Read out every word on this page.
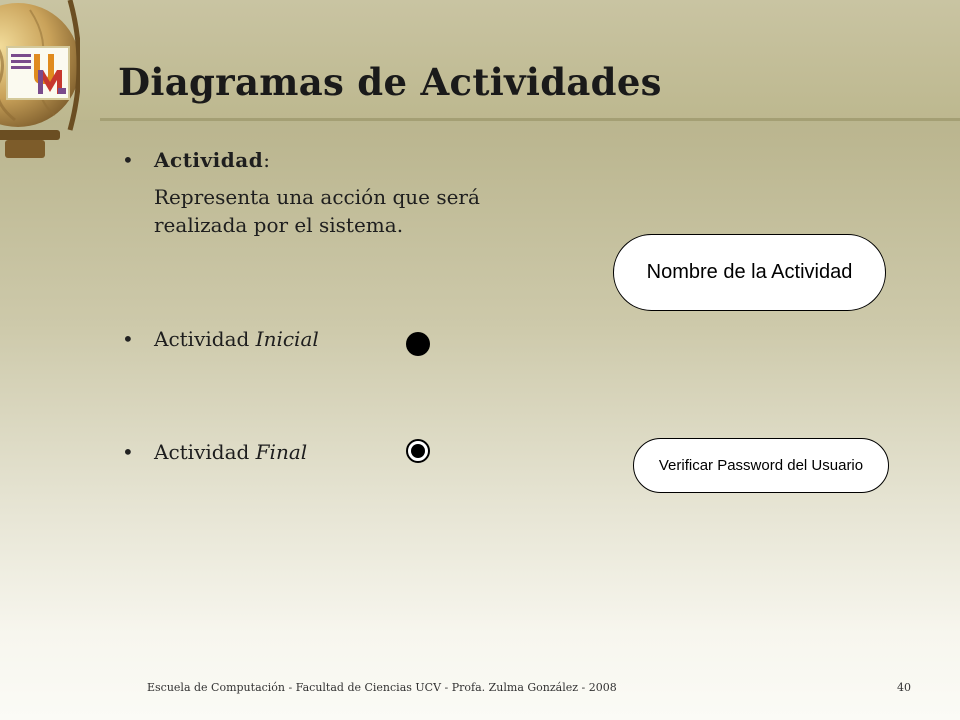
Diagramas de Actividades
• Actividad:
Representa una acción que será realizada por el sistema.
• Actividad Inicial
• Actividad Final
Nombre de la Actividad
Verificar Password del Usuario
Escuela de Computación - Facultad de Ciencias UCV - Profa. Zulma González - 2008	40
